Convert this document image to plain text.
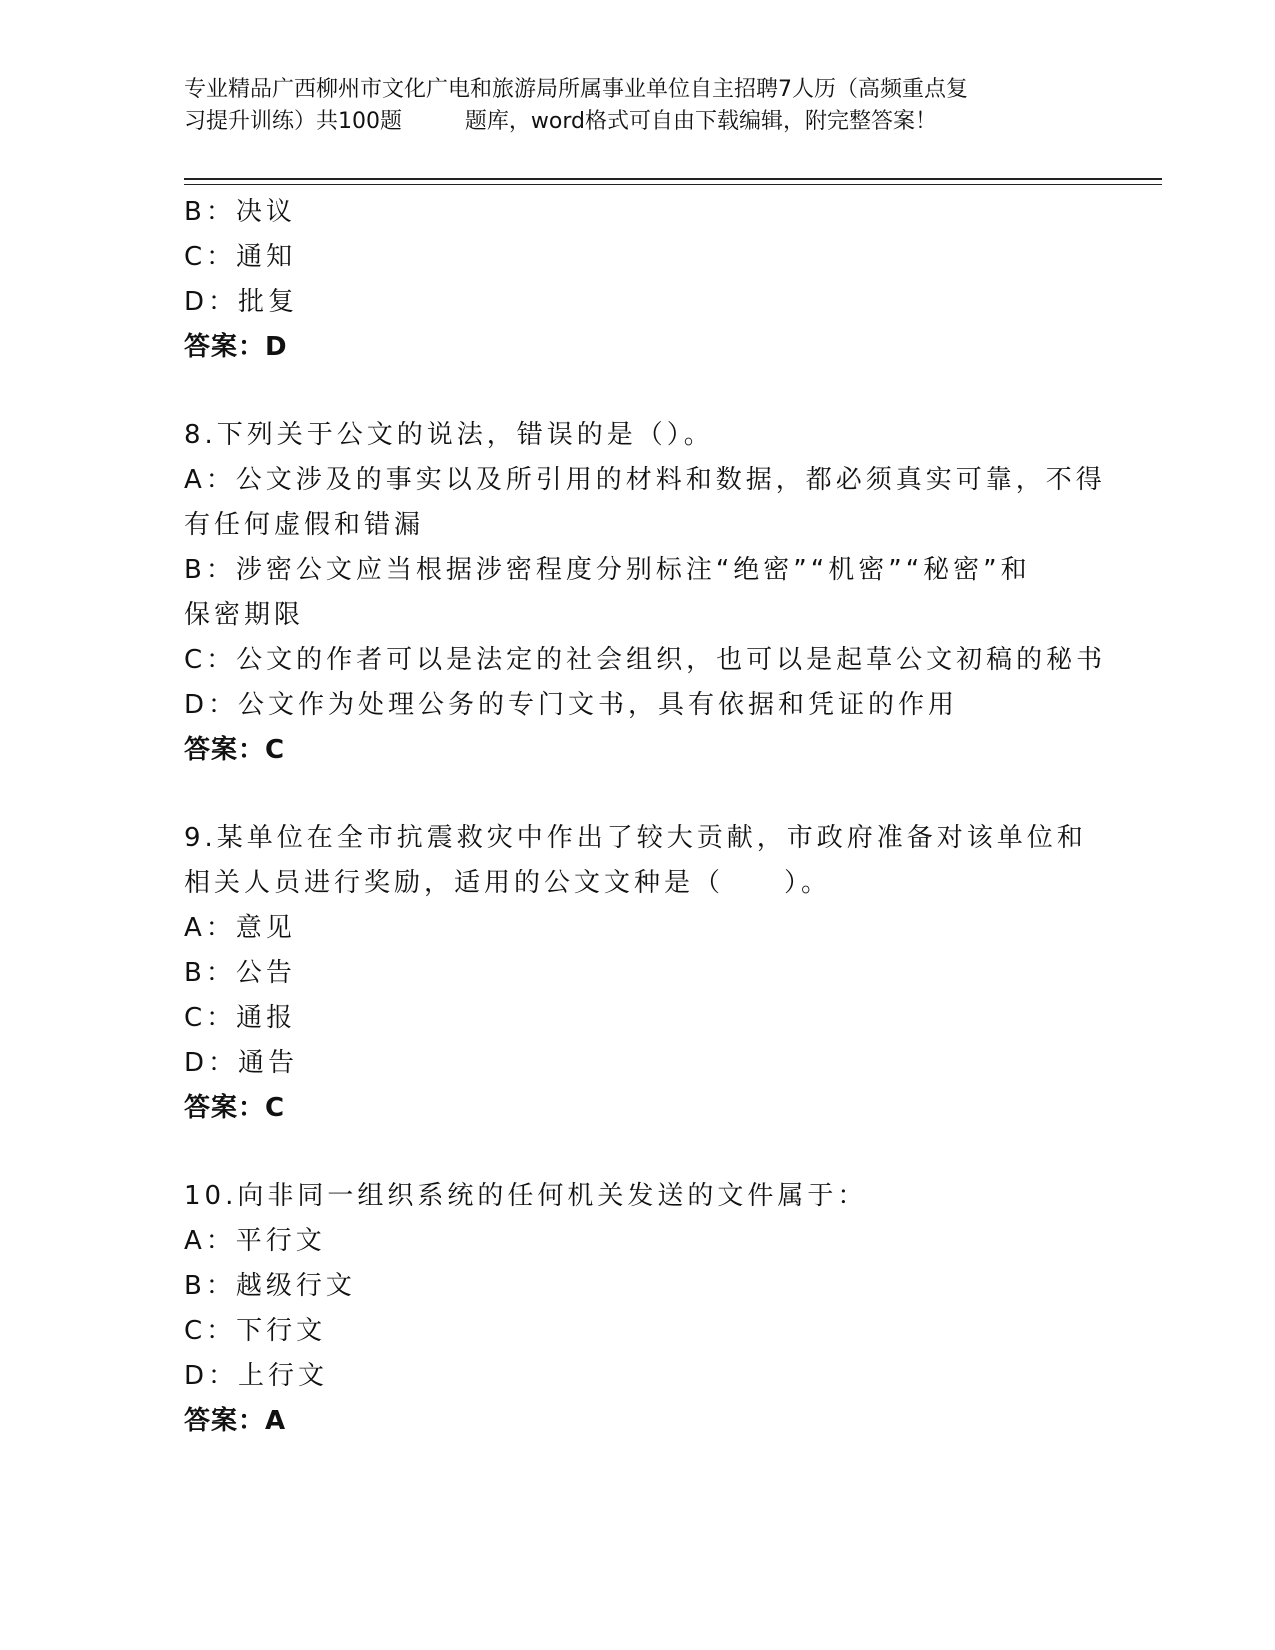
专业精品广西柳州市文化广电和旅游局所属事业单位自主招聘7人历（高频重点复
习提升训练）共100题         题库，word格式可自由下载编辑，附完整答案！
B：决议
C：通知
D：批复
答案：D
8.下列关于公文的说法，错误的是（）。
A：公文涉及的事实以及所引用的材料和数据，都必须真实可靠，不得
有任何虚假和错漏
B：涉密公文应当根据涉密程度分别标注“绝密”“机密”“秘密”和
保密期限
C：公文的作者可以是法定的社会组织，也可以是起草公文初稿的秘书
D：公文作为处理公务的专门文书，具有依据和凭证的作用
答案：C
9.某单位在全市抗震救灾中作出了较大贡献，市政府准备对该单位和
相关人员进行奖励，适用的公文文种是（　　）。
A：意见
B：公告
C：通报
D：通告
答案：C
10.向非同一组织系统的任何机关发送的文件属于：
A：平行文
B：越级行文
C：下行文
D：上行文
答案：A
